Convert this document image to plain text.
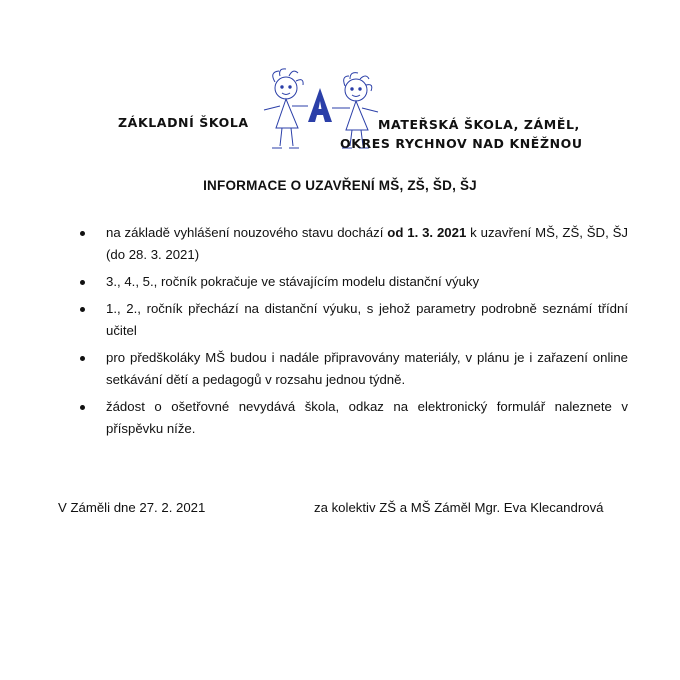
ZÁKLADNÍ ŠKOLA	MATEŘSKÁ ŠKOLA, ZÁMĚL,
OKRES RYCHNOV NAD KNĚŽNOU
INFORMACE O UZAVŘENÍ MŠ, ZŠ, ŠD, ŠJ
na základě vyhlášení nouzového stavu dochází od 1. 3. 2021 k uzavření MŠ, ZŠ, ŠD, ŠJ (do 28. 3. 2021)
3., 4., 5., ročník pokračuje ve stávajícím modelu distanční výuky
1., 2., ročník přechází na distanční výuku, s jehož parametry podrobně seznámí třídní učitel
pro předškoláky MŠ budou i nadále připravovány materiály, v plánu je i zařazení online setkávání dětí a pedagogů v rozsahu jednou týdně.
žádost o ošetřovné nevydává škola, odkaz na elektronický formulář naleznete v příspěvku níže.
V Záměli dne 27. 2. 2021	za kolektiv ZŠ a MŠ Záměl Mgr. Eva Klecandrová
